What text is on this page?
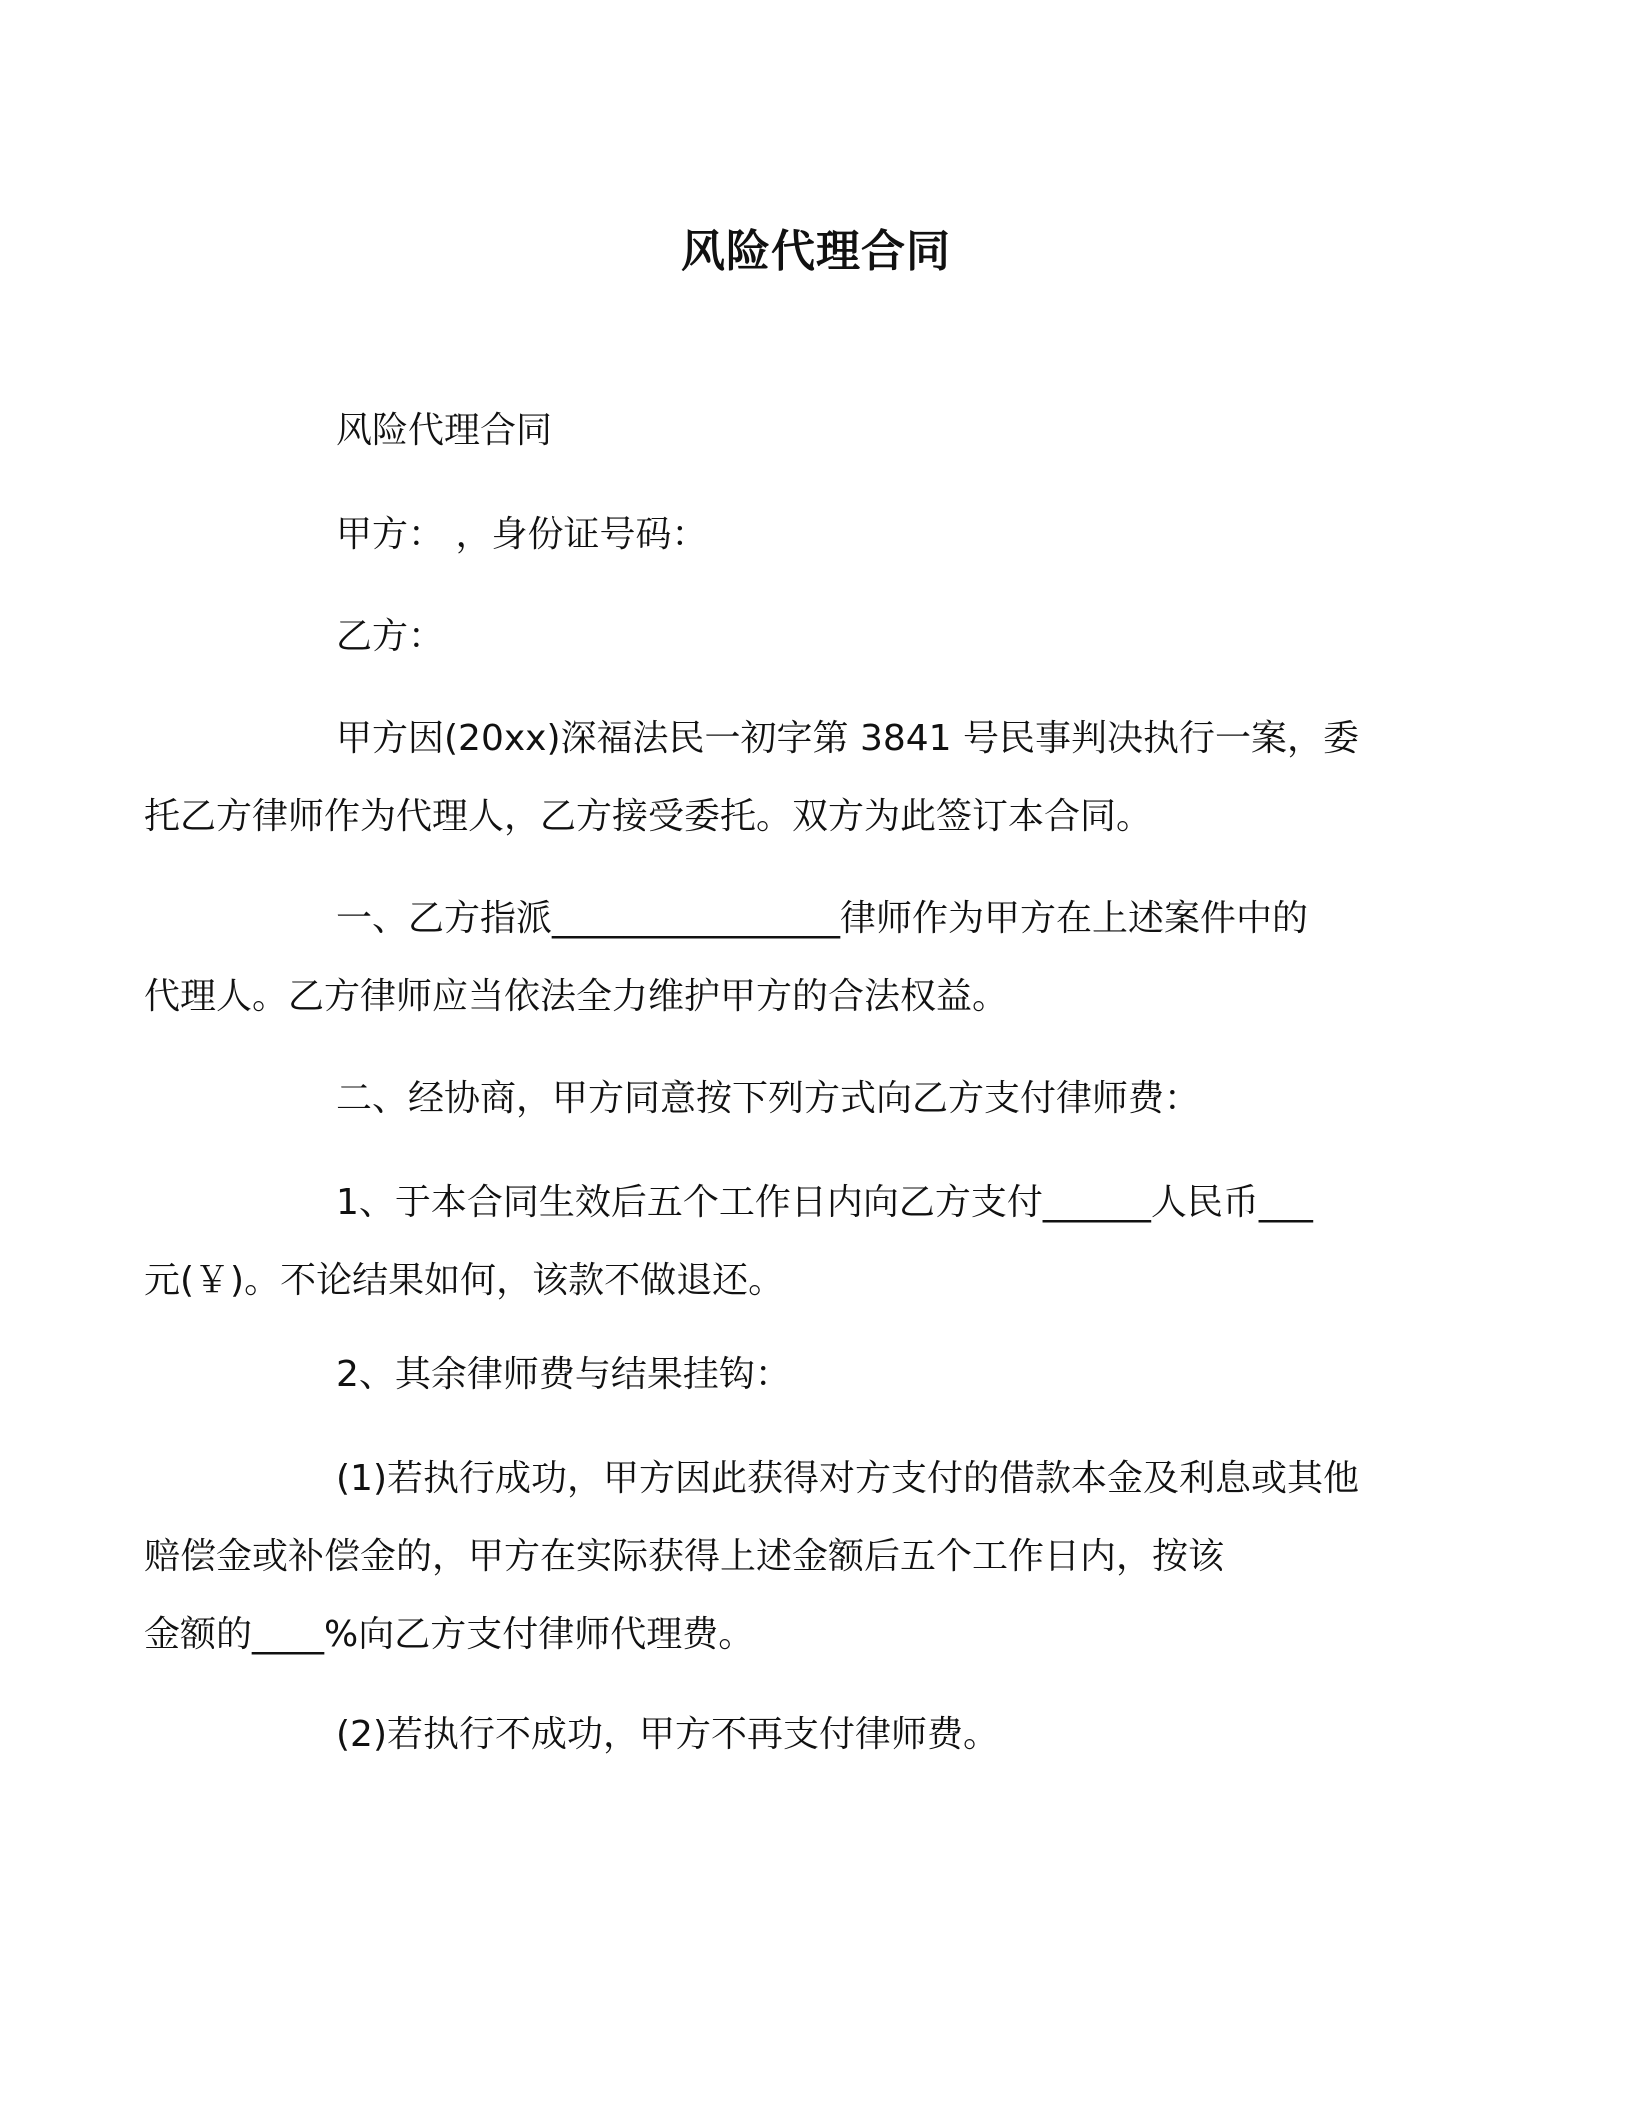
风险代理合同
风险代理合同
甲方： ，身份证号码：
乙方：
甲方因(20xx)深福法民一初字第 3841 号民事判决执行一案，委
托乙方律师作为代理人，乙方接受委托。双方为此签订本合同。
一、乙方指派________________律师作为甲方在上述案件中的
代理人。乙方律师应当依法全力维护甲方的合法权益。
二、经协商，甲方同意按下列方式向乙方支付律师费：
1、于本合同生效后五个工作日内向乙方支付______人民币___
元(￥)。不论结果如何，该款不做退还。
2、其余律师费与结果挂钩：
(1)若执行成功，甲方因此获得对方支付的借款本金及利息或其他
赔偿金或补偿金的，甲方在实际获得上述金额后五个工作日内，按该
金额的____%向乙方支付律师代理费。
(2)若执行不成功，甲方不再支付律师费。
